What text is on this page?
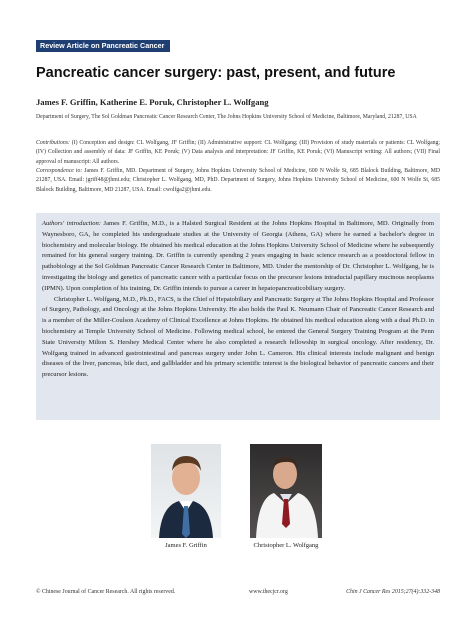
Review Article on Pancreatic Cancer
Pancreatic cancer surgery: past, present, and future
James F. Griffin, Katherine E. Poruk, Christopher L. Wolfgang
Department of Surgery, The Sol Goldman Pancreatic Cancer Research Center, The Johns Hopkins University School of Medicine, Baltimore, Maryland, 21287, USA
Contributions: (I) Conception and design: CL Wolfgang, JF Griffin; (II) Administrative support: CL Wolfgang; (III) Provision of study materials or patients: CL Wolfgang; (IV) Collection and assembly of data: JF Griffin, KE Poruk; (V) Data analysis and interpretation: JF Griffin, KE Poruk; (VI) Manuscript writing: All authors; (VII) Final approval of manuscript: All authors.
Correspondence to: James F. Griffin, MD. Department of Surgery, Johns Hopkins University School of Medicine, 600 N Wolfe St, 685 Blalock Building, Baltimore, MD 21287, USA. Email: jgriff48@jhmi.edu; Christopher L. Wolfgang, MD, PhD. Department of Surgery, Johns Hopkins University School of Medicine, 600 N Wolfe St, 685 Blalock Building, Baltimore, MD 21287, USA. Email: cwolfga2@jhmi.edu.

Authors' introduction: James F. Griffin, M.D., is a Halsted Surgical Resident at the Johns Hopkins Hospital in Baltimore, MD. Originally from Waynesboro, GA, he completed his undergraduate studies at the University of Georgia (Athens, GA) where he earned a bachelor's degree in biochemistry and molecular biology. He obtained his medical education at the Johns Hopkins University School of Medicine where he subsequently remained for his general surgery training. Dr. Griffin is currently spending 2 years engaging in basic science research as a postdoctoral fellow in pathobiology at the Sol Goldman Pancreatic Cancer Research Center in Baltimore, MD. Under the mentorship of Dr. Christopher L. Wolfgang, he is investigating the biology and genetics of pancreatic cancer with a particular focus on the precursor lesions intraductal papillary mucinous neoplasms (IPMN). Upon completion of his training, Dr. Griffin intends to pursue a career in hepatopancreaticobiliary surgery.

Christopher L. Wolfgang, M.D., Ph.D., FACS, is the Chief of Hepatobiliary and Pancreatic Surgery at The Johns Hopkins Hospital and Professor of Surgery, Pathology, and Oncology at the Johns Hopkins University. He also holds the Paul K. Neumann Chair of Pancreatic Cancer Research and is a member of the Miller-Coulson Academy of Clinical Excellence at Johns Hopkins. He obtained his medical education along with a dual Ph.D. in biochemistry at Temple University School of Medicine. Following medical school, he entered the General Surgery Training Program at the Penn State University Milton S. Hershey Medical Center where he also completed a research fellowship in surgical oncology. After residency, Dr. Wolfgang trained in advanced gastrointestinal and pancreas surgery under John L. Cameron. His clinical interests include malignant and benign diseases of the liver, pancreas, bile duct, and gallbladder and his primary scientific interest is the biological behavior of pancreatic cancers and their precursor lesions.

James F. Griffin	Christopher L. Wolfgang
© Chinese Journal of Cancer Research. All rights reserved.	www.thecjcr.org	Chin J Cancer Res 2015;27(4):332-348
